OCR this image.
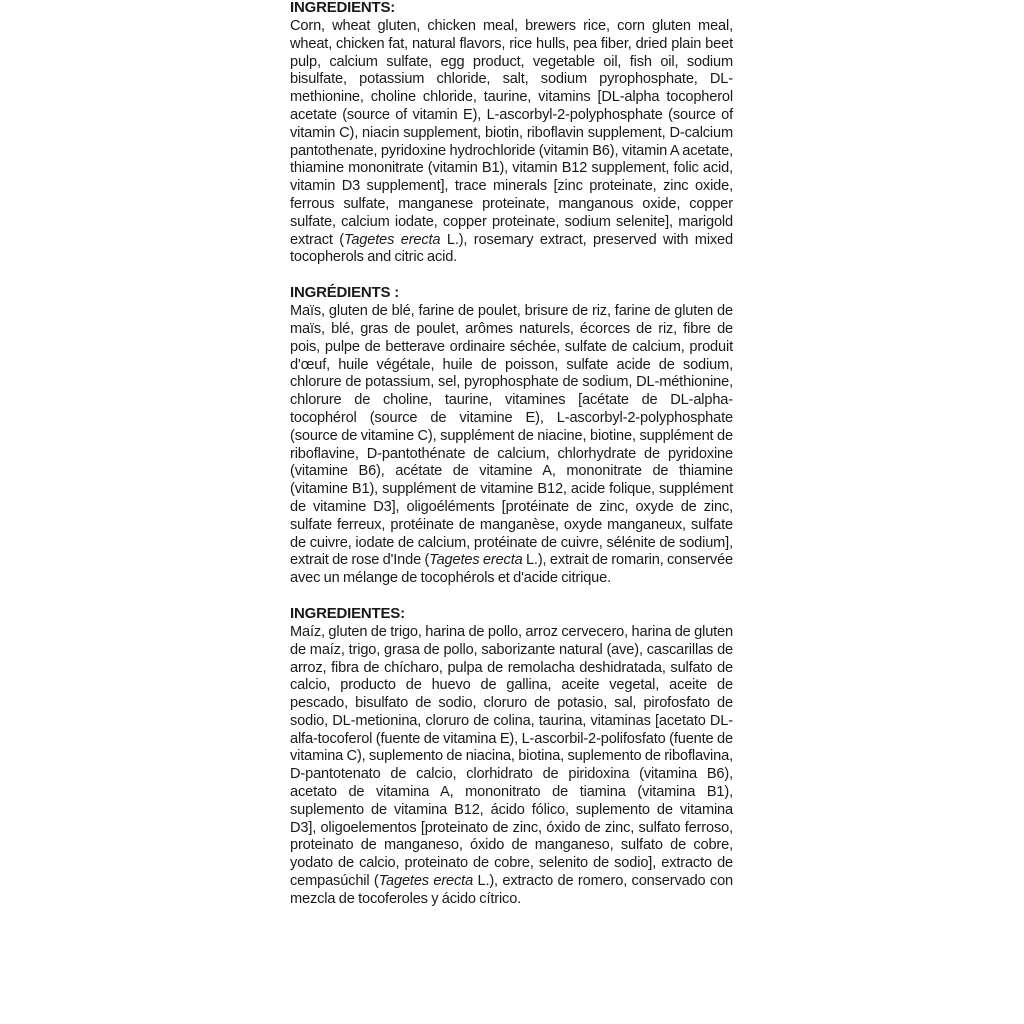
INGREDIENTS:

Corn, wheat gluten, chicken meal, brewers rice, corn gluten meal, wheat, chicken fat, natural flavors, rice hulls, pea fiber, dried plain beet pulp, calcium sulfate, egg product, vegetable oil, fish oil, sodium bisulfate, potassium chloride, salt, sodium pyrophosphate, DL-methionine, choline chloride, taurine, vitamins [DL-alpha tocopherol acetate (source of vitamin E), L-ascorbyl-2-polyphosphate (source of vitamin C), niacin supplement, biotin, riboflavin supplement, D-calcium pantothenate, pyridoxine hydrochloride (vitamin B6), vitamin A acetate, thiamine mononitrate (vitamin B1), vitamin B12 supplement, folic acid, vitamin D3 supplement], trace minerals [zinc proteinate, zinc oxide, ferrous sulfate, manganese proteinate, manganous oxide, copper sulfate, calcium iodate, copper proteinate, sodium selenite], marigold extract (Tagetes erecta L.), rosemary extract, preserved with mixed tocopherols and citric acid.

INGRÉDIENTS :

Maïs, gluten de blé, farine de poulet, brisure de riz, farine de gluten de maïs, blé, gras de poulet, arômes naturels, écorces de riz, fibre de pois, pulpe de betterave ordinaire séchée, sulfate de calcium, produit d'œuf, huile végétale, huile de poisson, sulfate acide de sodium, chlorure de potassium, sel, pyrophosphate de sodium, DL-méthionine, chlorure de choline, taurine, vitamines [acétate de DL-alpha-tocophérol (source de vitamine E), L-ascorbyl-2-polyphosphate (source de vitamine C), supplément de niacine, biotine, supplément de riboflavine, D-pantothénate de calcium, chlorhydrate de pyridoxine (vitamine B6), acétate de vitamine A, mononitrate de thiamine (vitamine B1), supplément de vitamine B12, acide folique, supplément de vitamine D3], oligoéléments [protéinate de zinc, oxyde de zinc, sulfate ferreux, protéinate de manganèse, oxyde manganeux, sulfate de cuivre, iodate de calcium, protéinate de cuivre, sélénite de sodium], extrait de rose d'Inde (Tagetes erecta L.), extrait de romarin, conservée avec un mélange de tocophérols et d'acide citrique.

INGREDIENTES:

Maíz, gluten de trigo, harina de pollo, arroz cervecero, harina de gluten de maíz, trigo, grasa de pollo, saborizante natural (ave), cascarillas de arroz, fibra de chícharo, pulpa de remolacha deshidratada, sulfato de calcio, producto de huevo de gallina, aceite vegetal, aceite de pescado, bisulfato de sodio, cloruro de potasio, sal, pirofosfato de sodio, DL-metionina, cloruro de colina, taurina, vitaminas [acetato DL-alfa-tocoferol (fuente de vitamina E), L-ascorbil-2-polifosfato (fuente de vitamina C), suplemento de niacina, biotina, suplemento de riboflavina, D-pantotenato de calcio, clorhidrato de piridoxina (vitamina B6), acetato de vitamina A, mononitrato de tiamina (vitamina B1), suplemento de vitamina B12, ácido fólico, suplemento de vitamina D3], oligoelementos [proteinato de zinc, óxido de zinc, sulfato ferroso, proteinato de manganeso, óxido de manganeso, sulfato de cobre, yodato de calcio, proteinato de cobre, selenito de sodio], extracto de cempasúchil (Tagetes erecta L.), extracto de romero, conservado con mezcla de tocoferoles y ácido cítrico.
